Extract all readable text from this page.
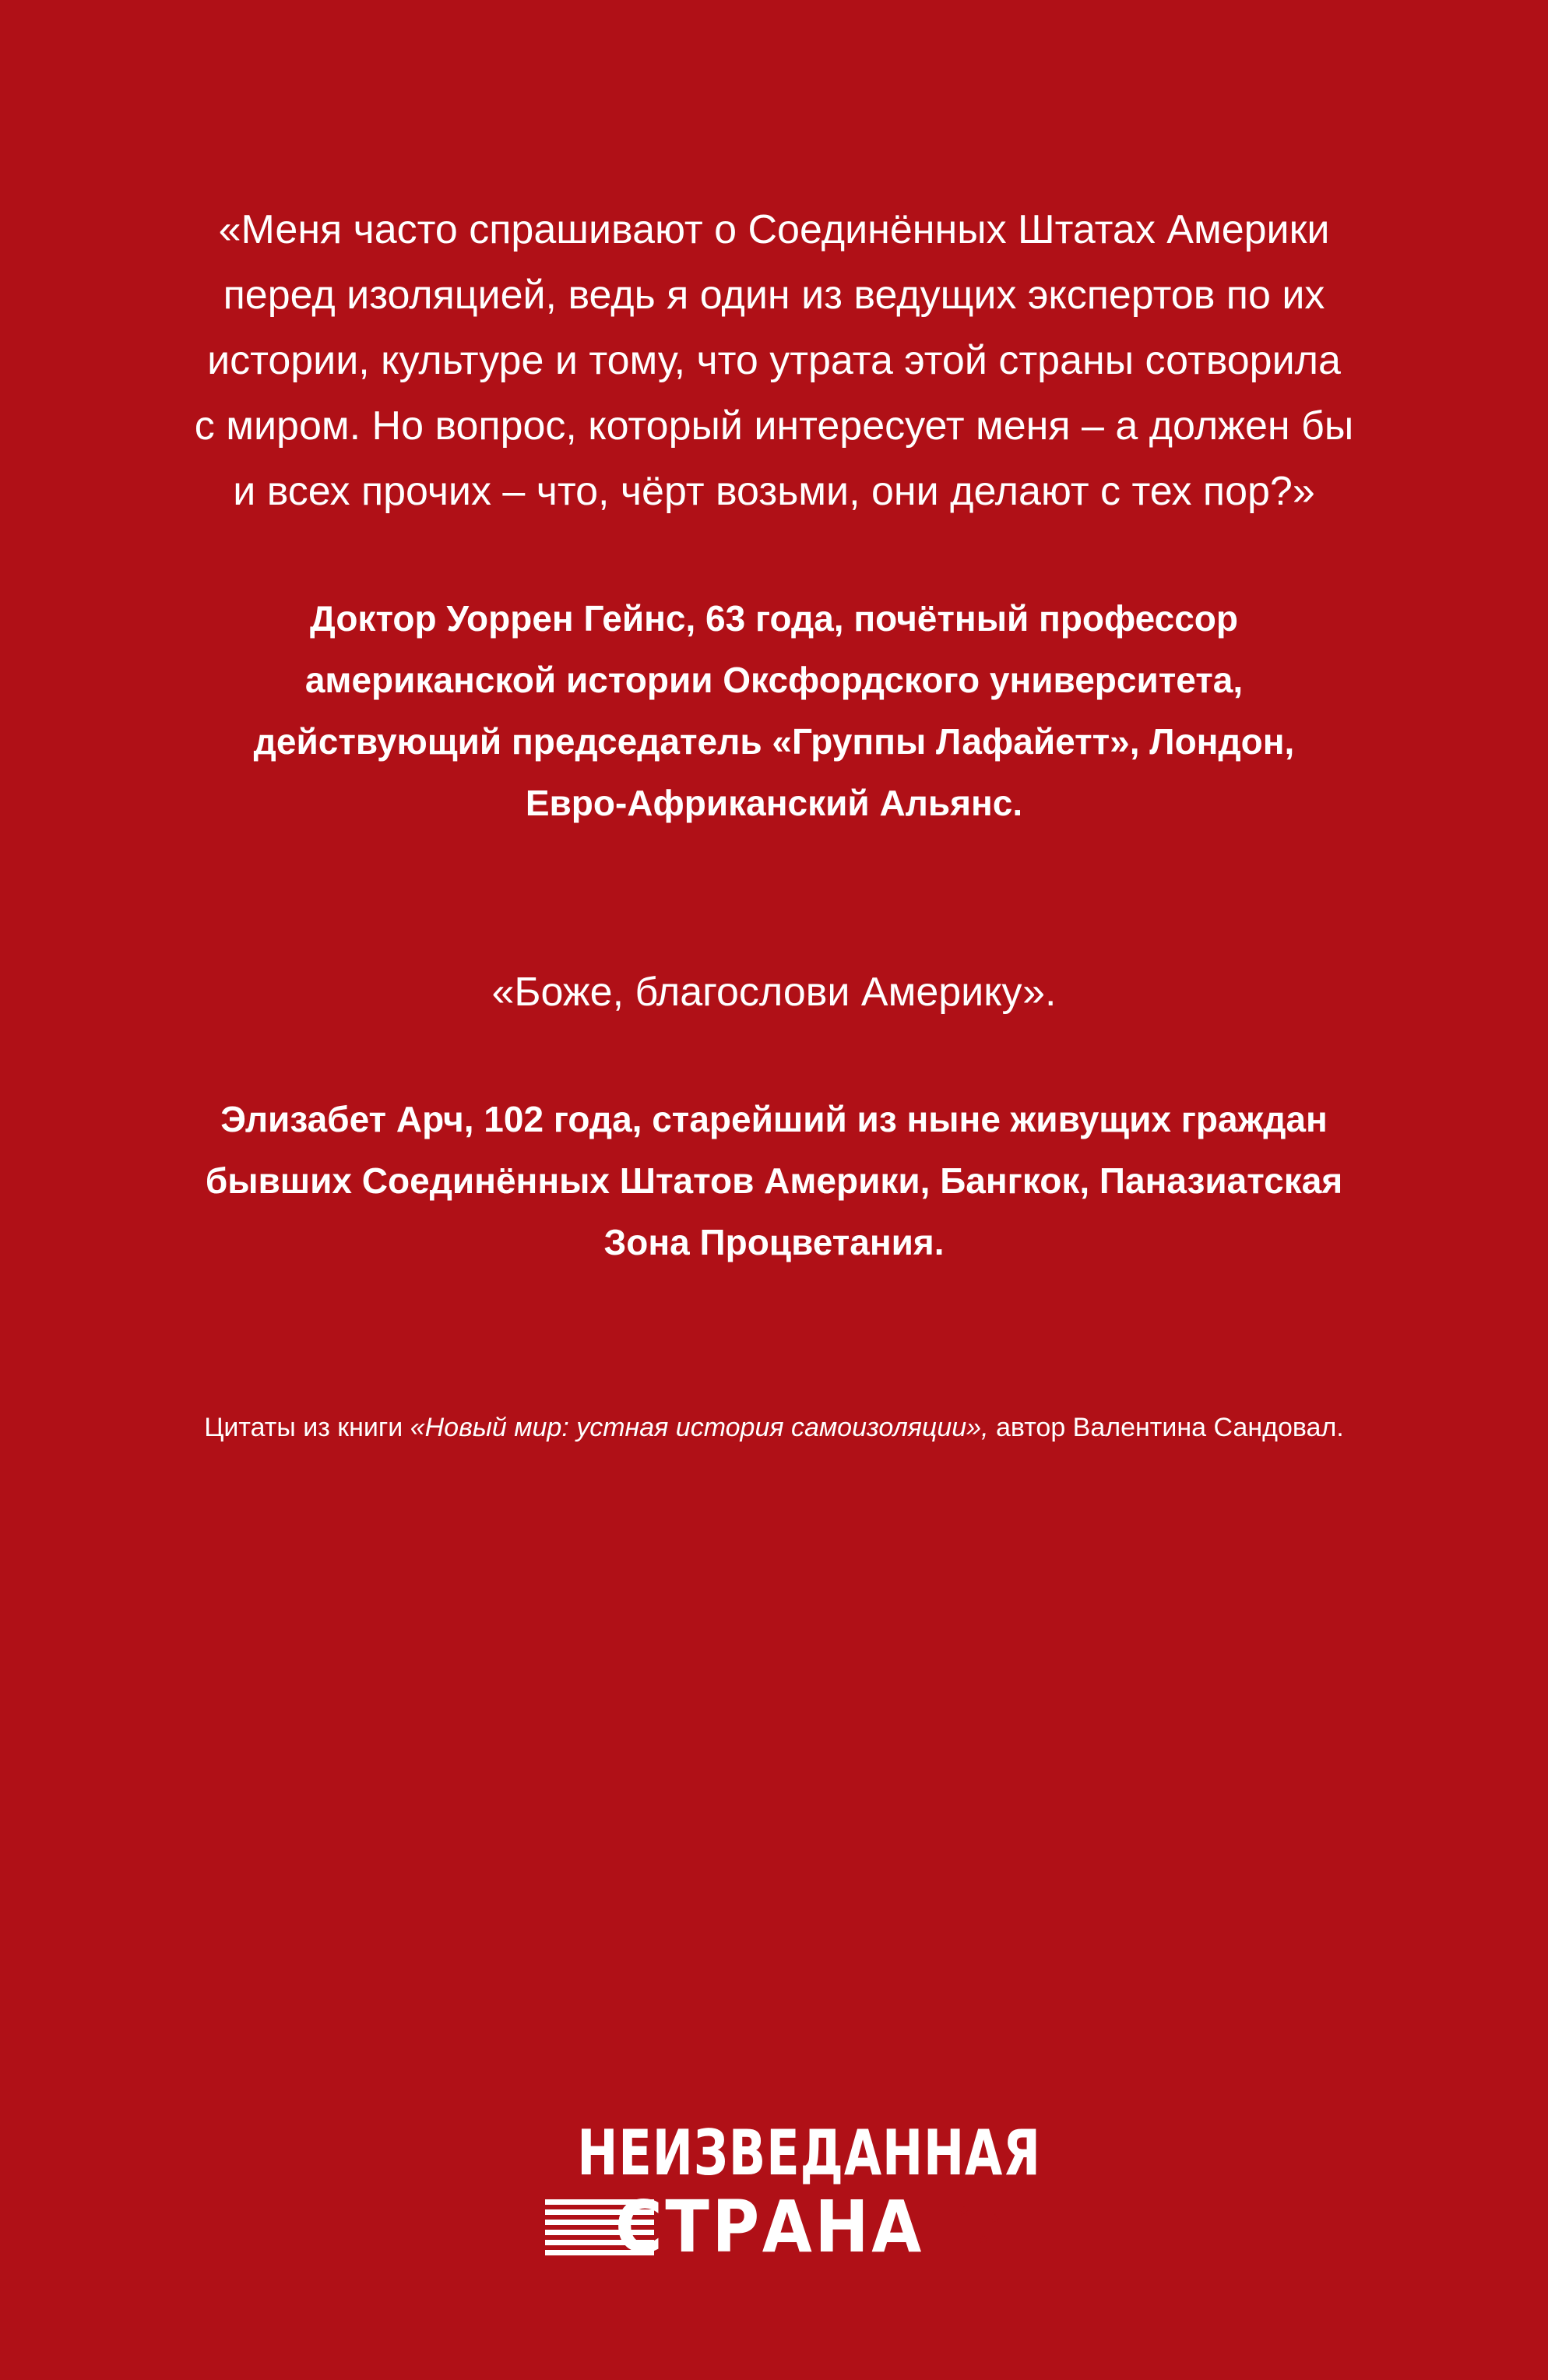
«Меня часто спрашивают о Соединённых Штатах Америки
перед изоляцией, ведь я один из ведущих экспертов по их
истории, культуре и тому, что утрата этой страны сотворила
с миром. Но вопрос, который интересует меня – а должен бы
и всех прочих – что, чёрт возьми, они делают с тех пор?»
Доктор Уоррен Гейнс, 63 года, почётный профессор
американской истории Оксфордского университета,
действующий председатель «Группы Лафайетт», Лондон,
Евро-Африканский Альянс.
«Боже, благослови Америку».
Элизабет Арч, 102 года, старейший из ныне живущих граждан
бывших Соединённых Штатов Америки, Бангкок, Паназиатская
Зона Процветания.
Цитаты из книги «Новый мир: устная история самоизоляции», автор Валентина Сандовал.
НЕИЗВЕДАННАЯ
СТРАНА	★
★
★
